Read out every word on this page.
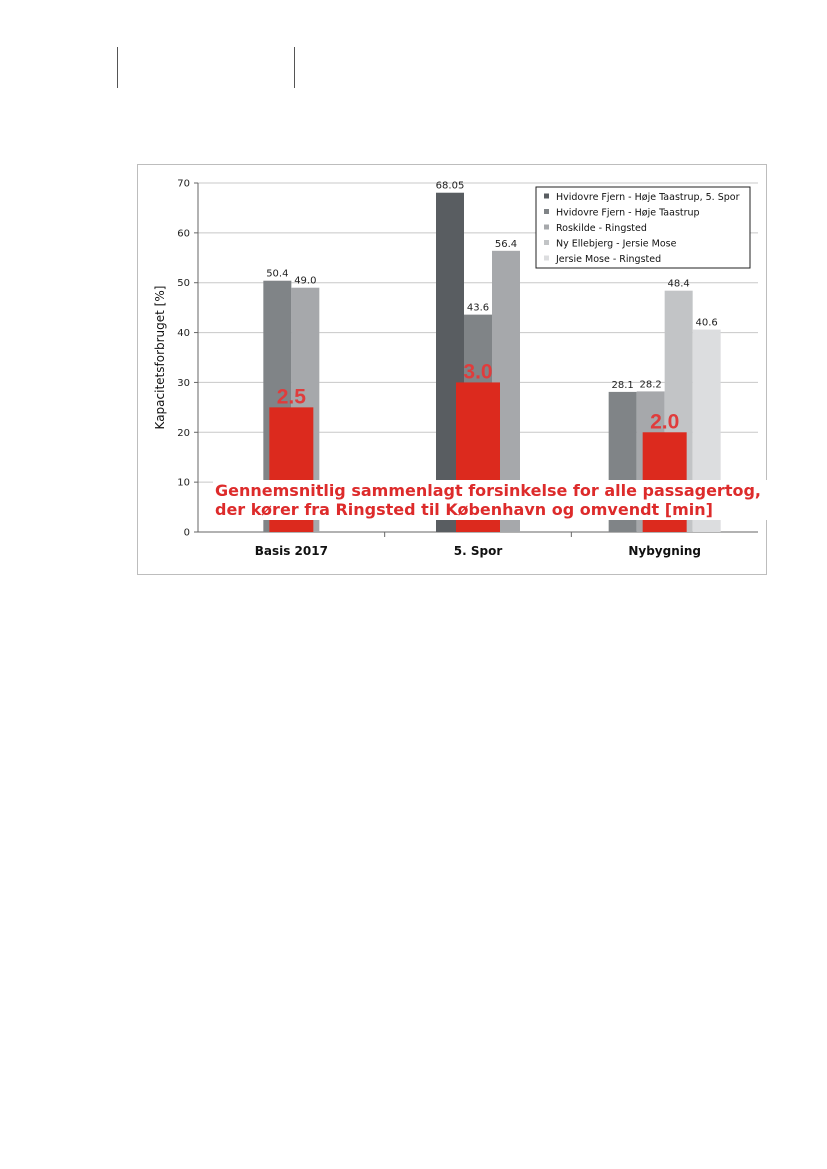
0
10
20
30
40
50
60
70
Kapacitetsforbruget [%]
50.4
49.0
2.5
Basis 2017
68.05
43.6
56.4
3.0
5. Spor
28.1 28.2
48.4
40.6
2.0
Nybygning
Hvidovre Fjern - Høje Taastrup, 5. Spor
Hvidovre Fjern - Høje Taastrup
Roskilde - Ringsted
Ny Ellebjerg - Jersie Mose
Jersie Mose - Ringsted
Gennemsnitlig sammenlagt forsinkelse for alle passagertog,
der kører fra Ringsted til København og omvendt [min]
